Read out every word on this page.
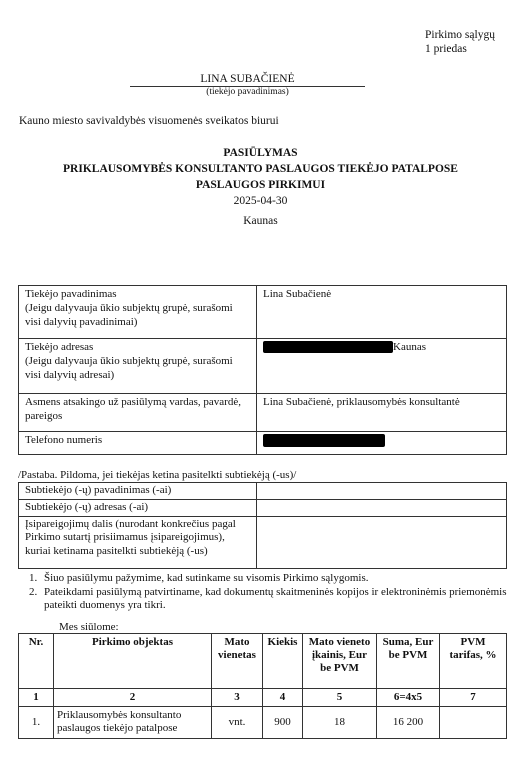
Pirkimo sąlygų
1 priedas
LINA SUBAČIENĖ
(tiekėjo pavadinimas)
Kauno miesto savivaldybės visuomenės sveikatos biurui
PASIŪLYMAS
PRIKLAUSOMYBĖS KONSULTANTO PASLAUGOS TIEKĖJO PATALPOSE
PASLAUGOS PIRKIMUI
2025-04-30
Kaunas
Tiekėjo pavadinimas
(Jeigu dalyvauja ūkio subjektų grupė, surašomi visi dalyvių pavadinimai)	Lina Subačienė

Tiekėjo adresas
(Jeigu dalyvauja ūkio subjektų grupė, surašomi visi dalyvių adresai)	Kaunas
Asmens atsakingo už pasiūlymą vardas, pavardė, pareigos	Lina Subačienė, priklausomybės konsultantė
Telefono numeris	
/Pastaba. Pildoma, jei tiekėjas ketina pasitelkti subtiekėją (-us)/
Subtiekėjo (-ų) pavadinimas (-ai)	
Subtiekėjo (-ų) adresas (-ai)	
Įsipareigojimų dalis (nurodant konkrečius pagal Pirkimo sutartį prisiimamus įsipareigojimus), kuriai ketinama pasitelkti subtiekėją (-us)	
1. Šiuo pasiūlymu pažymime, kad sutinkame su visomis Pirkimo sąlygomis.
2. Pateikdami pasiūlymą patvirtiname, kad dokumentų skaitmeninės kopijos ir elektroninėmis priemonėmis pateikti duomenys yra tikri.
Mes siūlome:
Nr.	Pirkimo objektas	Mato vienetas	Kiekis	Mato vieneto įkainis, Eur be PVM	Suma, Eur be PVM	PVM tarifas, %
1	2	3	4	5	6=4x5	7
1.	Priklausomybės konsultanto paslaugos tiekėjo patalpose	vnt.	900	18	16 200	
